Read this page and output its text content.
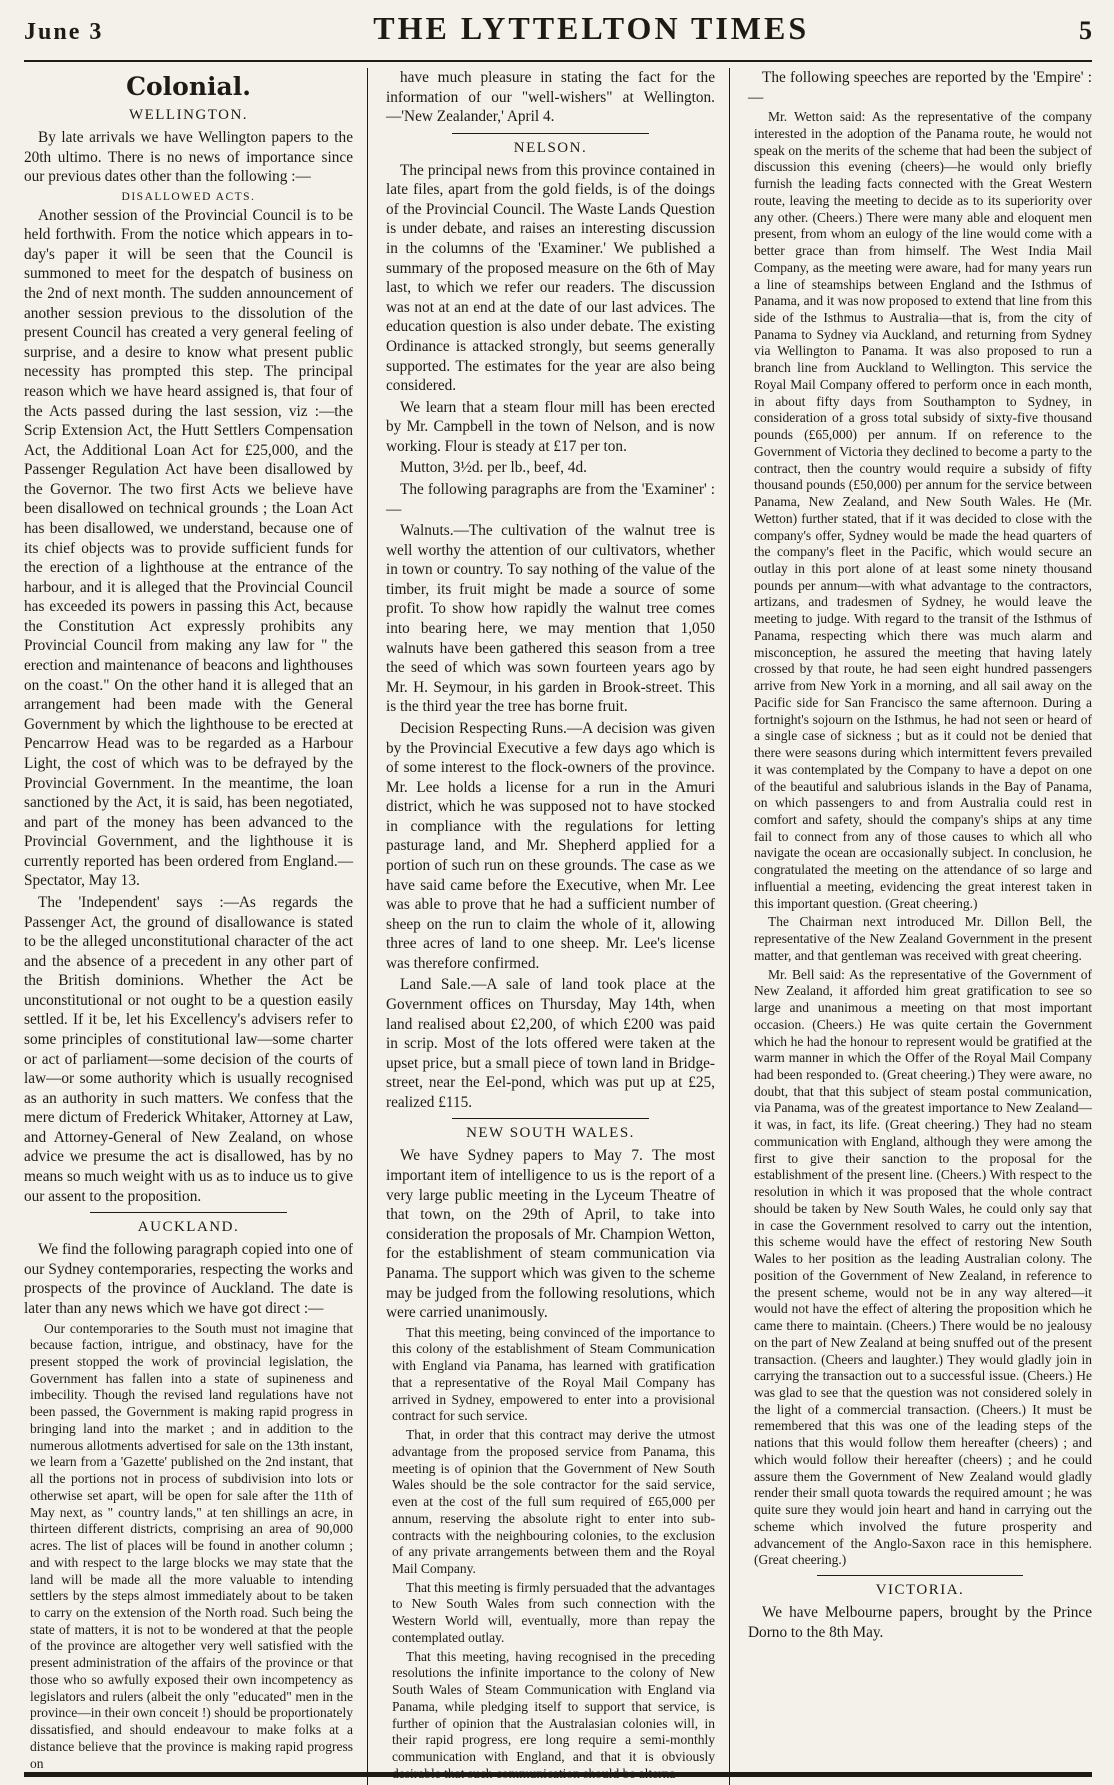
June 3	THE LYTTELTON TIMES	5
Colonial.
WELLINGTON.

By late arrivals we have Wellington papers to the 20th ultimo. There is no news of importance since our previous dates other than the following :—

DISALLOWED ACTS.

Another session of the Provincial Council is to be held forthwith. From the notice which appears in to-day's paper it will be seen that the Council is summoned to meet for the despatch of business on the 2nd of next month. The sudden announcement of another session previous to the dissolution of the present Council has created a very general feeling of surprise, and a desire to know what present public necessity has prompted this step. The principal reason which we have heard assigned is, that four of the Acts passed during the last session, viz :—the Scrip Extension Act, the Hutt Settlers Compensation Act, the Additional Loan Act for £25,000, and the Passenger Regulation Act have been disallowed by the Governor. The two first Acts we believe have been disallowed on technical grounds ; the Loan Act has been disallowed, we understand, because one of its chief objects was to provide sufficient funds for the erection of a lighthouse at the entrance of the harbour, and it is alleged that the Provincial Council has exceeded its powers in passing this Act, because the Constitution Act expressly prohibits any Provincial Council from making any law for " the erection and maintenance of beacons and lighthouses on the coast." On the other hand it is alleged that an arrangement had been made with the General Government by which the lighthouse to be erected at Pencarrow Head was to be regarded as a Harbour Light, the cost of which was to be defrayed by the Provincial Government. In the meantime, the loan sanctioned by the Act, it is said, has been negotiated, and part of the money has been advanced to the Provincial Government, and the lighthouse it is currently reported has been ordered from England.—Spectator, May 13.

The 'Independent' says :—As regards the Passenger Act, the ground of disallowance is stated to be the alleged unconstitutional character of the act and the absence of a precedent in any other part of the British dominions. Whether the Act be unconstitutional or not ought to be a question easily settled. If it be, let his Excellency's advisers refer to some principles of constitutional law—some charter or act of parliament—some decision of the courts of law—or some authority which is usually recognised as an authority in such matters. We confess that the mere dictum of Frederick Whitaker, Attorney at Law, and Attorney-General of New Zealand, on whose advice we presume the act is disallowed, has by no means so much weight with us as to induce us to give our assent to the proposition.

AUCKLAND.

We find the following paragraph copied into one of our Sydney contemporaries, respecting the works and prospects of the province of Auckland. The date is later than any news which we have got direct :—

Our contemporaries to the South must not imagine that because faction, intrigue, and obstinacy, have for the present stopped the work of provincial legislation, the Government has fallen into a state of supineness and imbecility. Though the revised land regulations have not been passed, the Government is making rapid progress in bringing land into the market ; and in addition to the numerous allotments advertised for sale on the 13th instant, we learn from a 'Gazette' published on the 2nd instant, that all the portions not in process of subdivision into lots or otherwise set apart, will be open for sale after the 11th of May next, as " country lands," at ten shillings an acre, in thirteen different districts, comprising an area of 90,000 acres. The list of places will be found in another column ; and with respect to the large blocks we may state that the land will be made all the more valuable to intending settlers by the steps almost immediately about to be taken to carry on the extension of the North road. Such being the state of matters, it is not to be wondered at that the people of the province are altogether very well satisfied with the present administration of the affairs of the province or that those who so awfully exposed their own incompetency as legislators and rulers (albeit the only "educated" men in the province—in their own conceit !) should be proportionately dissatisfied, and should endeavour to make folks at a distance believe that the province is making rapid progress on

have much pleasure in stating the fact for the information of our "well-wishers" at Wellington.—'New Zealander,' April 4.

NELSON.

The principal news from this province contained in late files, apart from the gold fields, is of the doings of the Provincial Council. The Waste Lands Question is under debate, and raises an interesting discussion in the columns of the 'Examiner.' We published a summary of the proposed measure on the 6th of May last, to which we refer our readers. The discussion was not at an end at the date of our last advices. The education question is also under debate. The existing Ordinance is attacked strongly, but seems generally supported. The estimates for the year are also being considered.

We learn that a steam flour mill has been erected by Mr. Campbell in the town of Nelson, and is now working. Flour is steady at £17 per ton.

Mutton, 3½d. per lb., beef, 4d.

The following paragraphs are from the 'Examiner' :—

Walnuts.—The cultivation of the walnut tree is well worthy the attention of our cultivators, whether in town or country. To say nothing of the value of the timber, its fruit might be made a source of some profit. To show how rapidly the walnut tree comes into bearing here, we may mention that 1,050 walnuts have been gathered this season from a tree the seed of which was sown fourteen years ago by Mr. H. Seymour, in his garden in Brook-street. This is the third year the tree has borne fruit.

Decision Respecting Runs.—A decision was given by the Provincial Executive a few days ago which is of some interest to the flock-owners of the province. Mr. Lee holds a license for a run in the Amuri district, which he was supposed not to have stocked in compliance with the regulations for letting pasturage land, and Mr. Shepherd applied for a portion of such run on these grounds. The case as we have said came before the Executive, when Mr. Lee was able to prove that he had a sufficient number of sheep on the run to claim the whole of it, allowing three acres of land to one sheep. Mr. Lee's license was therefore confirmed.

Land Sale.—A sale of land took place at the Government offices on Thursday, May 14th, when land realised about £2,200, of which £200 was paid in scrip. Most of the lots offered were taken at the upset price, but a small piece of town land in Bridge-street, near the Eel-pond, which was put up at £25, realized £115.

NEW SOUTH WALES.

We have Sydney papers to May 7. The most important item of intelligence to us is the report of a very large public meeting in the Lyceum Theatre of that town, on the 29th of April, to take into consideration the proposals of Mr. Champion Wetton, for the establishment of steam communication via Panama. The support which was given to the scheme may be judged from the following resolutions, which were carried unanimously.

That this meeting, being convinced of the importance to this colony of the establishment of Steam Communication with England via Panama, has learned with gratification that a representative of the Royal Mail Company has arrived in Sydney, empowered to enter into a provisional contract for such service.

That, in order that this contract may derive the utmost advantage from the proposed service from Panama, this meeting is of opinion that the Government of New South Wales should be the sole contractor for the said service, even at the cost of the full sum required of £65,000 per annum, reserving the absolute right to enter into sub-contracts with the neighbouring colonies, to the exclusion of any private arrangements between them and the Royal Mail Company.

That this meeting is firmly persuaded that the advantages to New South Wales from such connection with the Western World will, eventually, more than repay the contemplated outlay.

That this meeting, having recognised in the preceding resolutions the infinite importance to the colony of New South Wales of Steam Communication with England via Panama, while pledging itself to support that service, is further of opinion that the Australasian colonies will, in their rapid progress, ere long require a semi-monthly communication with England, and that it is obviously desirable that such communication should be alterna-

The following speeches are reported by the 'Empire' :—

Mr. Wetton said: As the representative of the company interested in the adoption of the Panama route, he would not speak on the merits of the scheme that had been the subject of discussion this evening (cheers)—he would only briefly furnish the leading facts connected with the Great Western route, leaving the meeting to decide as to its superiority over any other. (Cheers.) There were many able and eloquent men present, from whom an eulogy of the line would come with a better grace than from himself. The West India Mail Company, as the meeting were aware, had for many years run a line of steamships between England and the Isthmus of Panama, and it was now proposed to extend that line from this side of the Isthmus to Australia—that is, from the city of Panama to Sydney via Auckland, and returning from Sydney via Wellington to Panama. It was also proposed to run a branch line from Auckland to Wellington. This service the Royal Mail Company offered to perform once in each month, in about fifty days from Southampton to Sydney, in consideration of a gross total subsidy of sixty-five thousand pounds (£65,000) per annum. If on reference to the Government of Victoria they declined to become a party to the contract, then the country would require a subsidy of fifty thousand pounds (£50,000) per annum for the service between Panama, New Zealand, and New South Wales. He (Mr. Wetton) further stated, that if it was decided to close with the company's offer, Sydney would be made the head quarters of the company's fleet in the Pacific, which would secure an outlay in this port alone of at least some ninety thousand pounds per annum—with what advantage to the contractors, artizans, and tradesmen of Sydney, he would leave the meeting to judge. With regard to the transit of the Isthmus of Panama, respecting which there was much alarm and misconception, he assured the meeting that having lately crossed by that route, he had seen eight hundred passengers arrive from New York in a morning, and all sail away on the Pacific side for San Francisco the same afternoon. During a fortnight's sojourn on the Isthmus, he had not seen or heard of a single case of sickness ; but as it could not be denied that there were seasons during which intermittent fevers prevailed it was contemplated by the Company to have a depot on one of the beautiful and salubrious islands in the Bay of Panama, on which passengers to and from Australia could rest in comfort and safety, should the company's ships at any time fail to connect from any of those causes to which all who navigate the ocean are occasionally subject. In conclusion, he congratulated the meeting on the attendance of so large and influential a meeting, evidencing the great interest taken in this important question. (Great cheering.)

The Chairman next introduced Mr. Dillon Bell, the representative of the New Zealand Government in the present matter, and that gentleman was received with great cheering.

Mr. Bell said: As the representative of the Government of New Zealand, it afforded him great gratification to see so large and unanimous a meeting on that most important occasion. (Cheers.) He was quite certain the Government which he had the honour to represent would be gratified at the warm manner in which the Offer of the Royal Mail Company had been responded to. (Great cheering.) They were aware, no doubt, that that this subject of steam postal communication, via Panama, was of the greatest importance to New Zealand—it was, in fact, its life. (Great cheering.) They had no steam communication with England, although they were among the first to give their sanction to the proposal for the establishment of the present line. (Cheers.) With respect to the resolution in which it was proposed that the whole contract should be taken by New South Wales, he could only say that in case the Government resolved to carry out the intention, this scheme would have the effect of restoring New South Wales to her position as the leading Australian colony. The position of the Government of New Zealand, in reference to the present scheme, would not be in any way altered—it would not have the effect of altering the proposition which he came there to maintain. (Cheers.) There would be no jealousy on the part of New Zealand at being snuffed out of the present transaction. (Cheers and laughter.) They would gladly join in carrying the transaction out to a successful issue. (Cheers.) He was glad to see that the question was not considered solely in the light of a commercial transaction. (Cheers.) It must be remembered that this was one of the leading steps of the nations that this would follow them hereafter (cheers) ; and which would follow their hereafter (cheers) ; and he could assure them the Government of New Zealand would gladly render their small quota towards the required amount ; he was quite sure they would join heart and hand in carrying out the scheme which involved the future prosperity and advancement of the Anglo-Saxon race in this hemisphere. (Great cheering.)

VICTORIA.

We have Melbourne papers, brought by the Prince Dorno to the 8th May.
